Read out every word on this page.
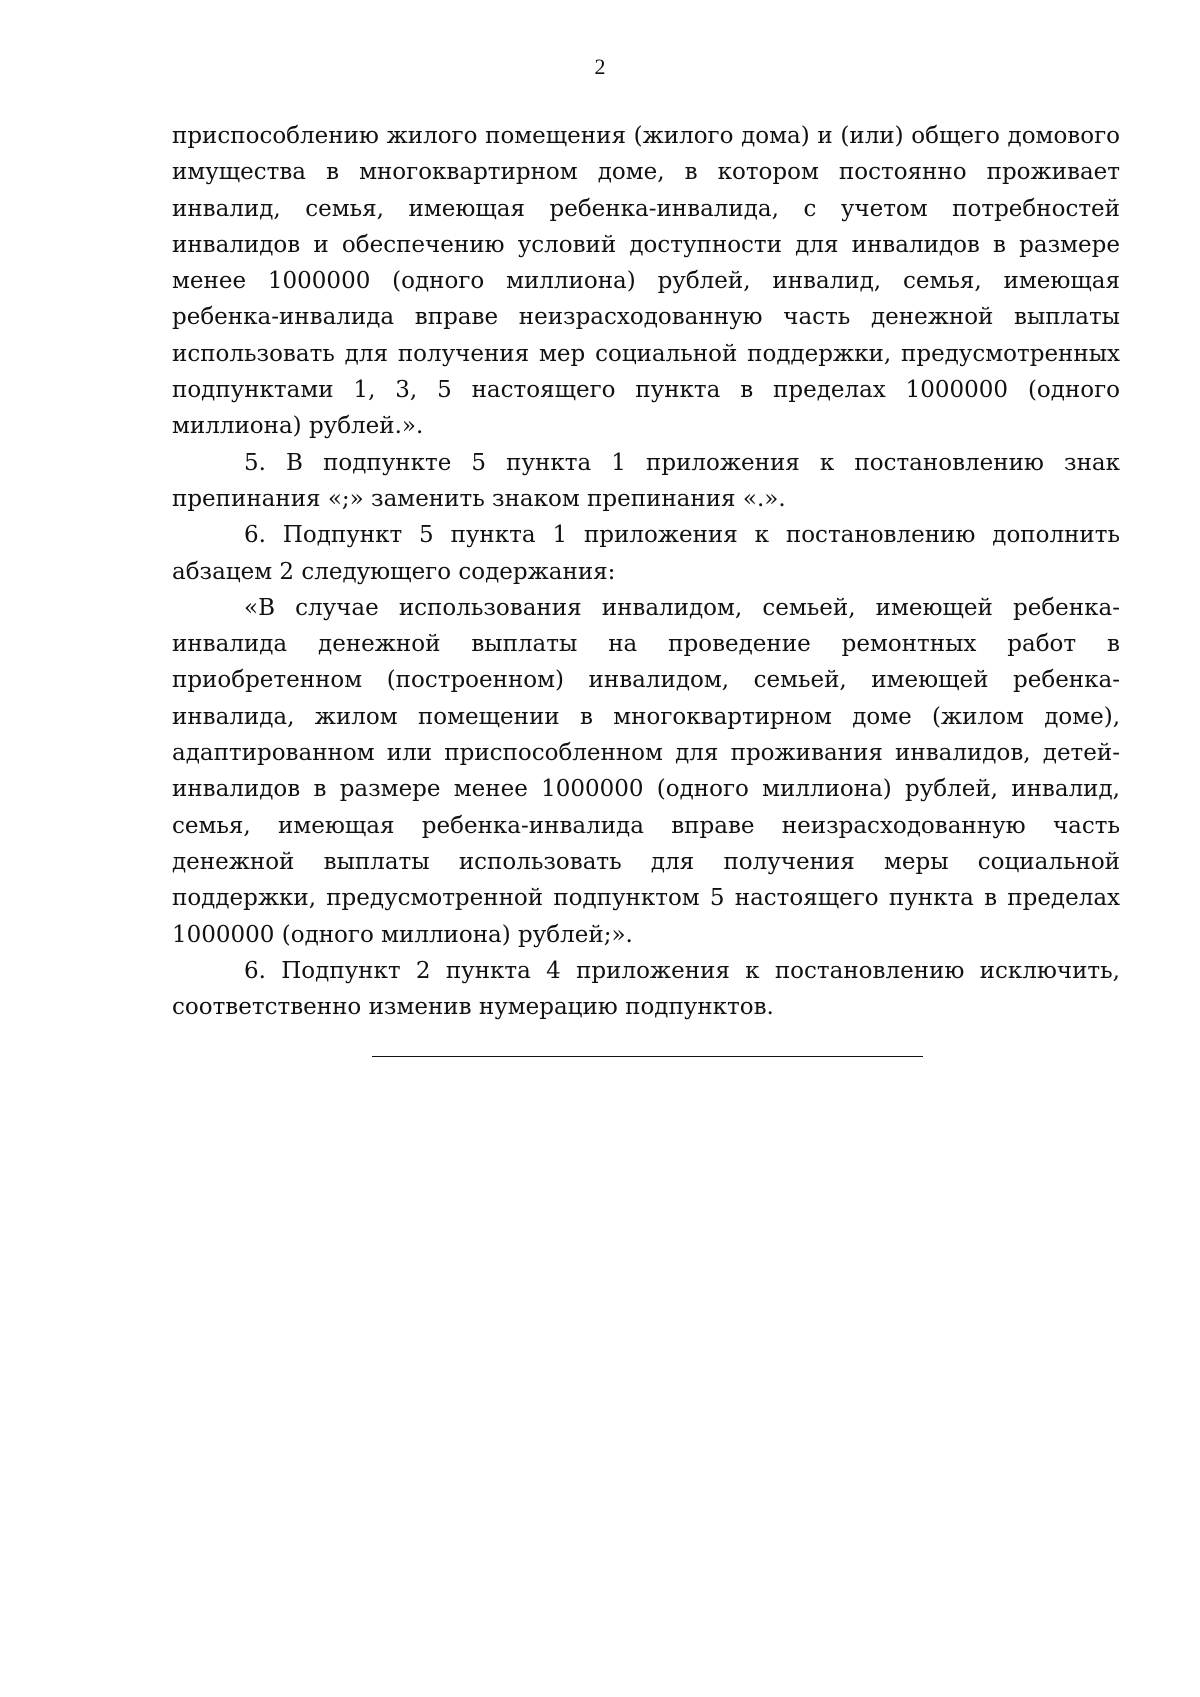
2

приспособлению жилого помещения (жилого дома) и (или) общего домового имущества в многоквартирном доме, в котором постоянно проживает инвалид, семья, имеющая ребенка-инвалида, с учетом потребностей инвалидов и обеспечению условий доступности для инвалидов в размере менее 1000000 (одного миллиона) рублей, инвалид, семья, имеющая ребенка-инвалида вправе неизрасходованную часть денежной выплаты использовать для получения мер социальной поддержки, предусмотренных подпунктами 1, 3, 5 настоящего пункта в пределах 1000000 (одного миллиона) рублей.».

5. В подпункте 5 пункта 1 приложения к постановлению знак препинания «;» заменить знаком препинания «.».

6. Подпункт 5 пункта 1 приложения к постановлению дополнить абзацем 2 следующего содержания:

«В случае использования инвалидом, семьей, имеющей ребенка-инвалида денежной выплаты на проведение ремонтных работ в приобретенном (построенном) инвалидом, семьей, имеющей ребенка-инвалида, жилом помещении в многоквартирном доме (жилом доме), адаптированном или приспособленном для проживания инвалидов, детей-инвалидов в размере менее 1000000 (одного миллиона) рублей, инвалид, семья, имеющая ребенка-инвалида вправе неизрасходованную часть денежной выплаты использовать для получения меры социальной поддержки, предусмотренной подпунктом 5 настоящего пункта в пределах 1000000 (одного миллиона) рублей;».

6. Подпункт 2 пункта 4 приложения к постановлению исключить, соответственно изменив нумерацию подпунктов.
